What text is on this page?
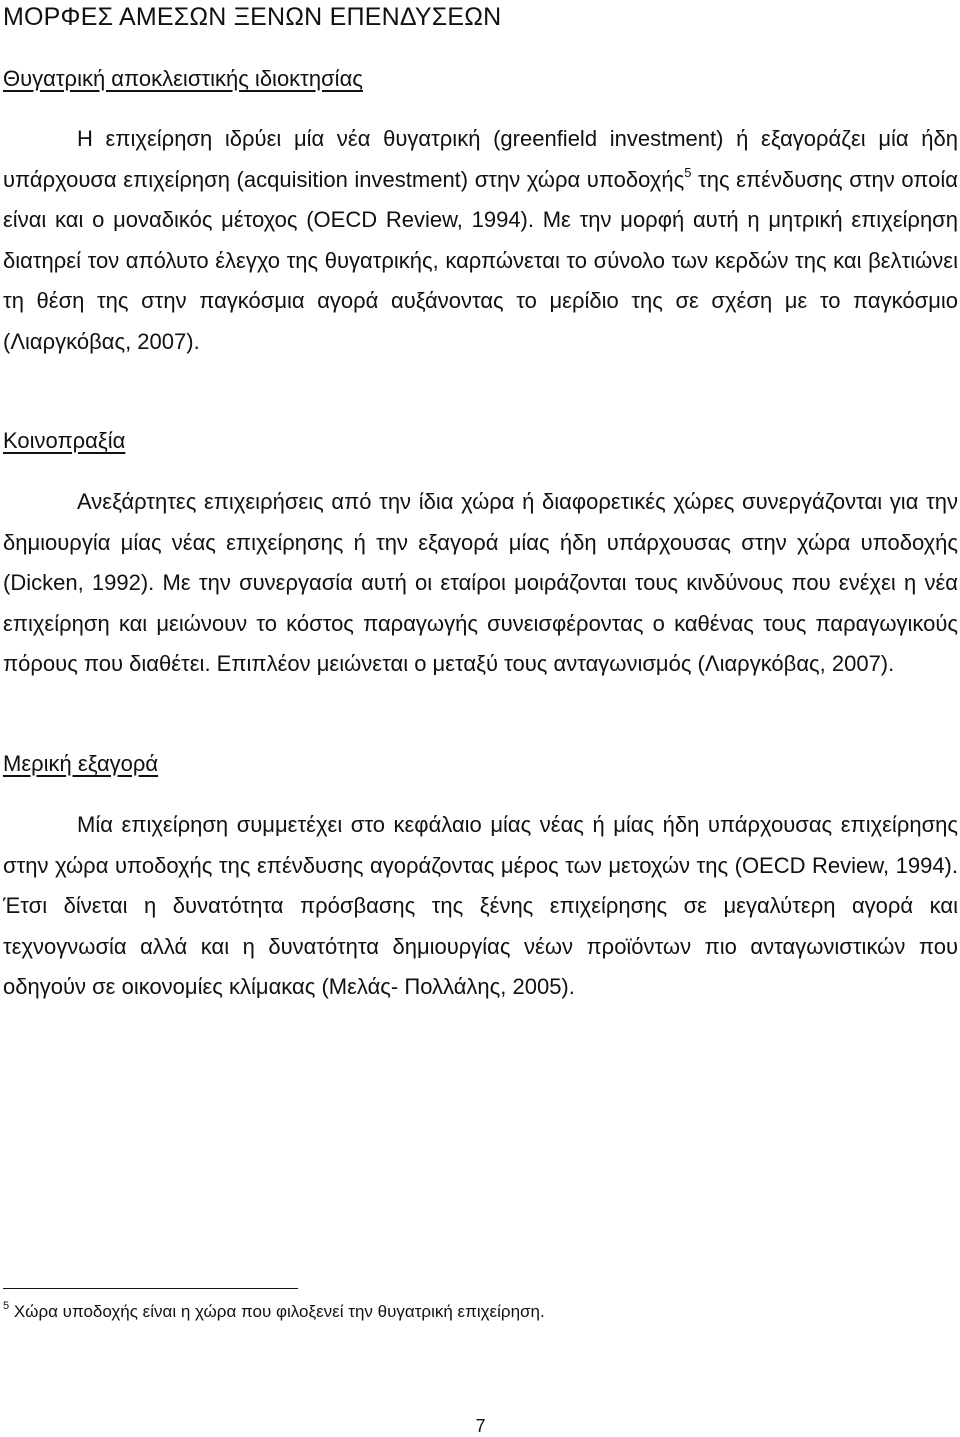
ΜΟΡΦΕΣ ΑΜΕΣΩΝ ΞΕΝΩΝ ΕΠΕΝΔΥΣΕΩΝ
Θυγατρική αποκλειστικής ιδιοκτησίας

Η επιχείρηση ιδρύει μία νέα θυγατρική (greenfield investment) ή εξαγοράζει μία ήδη υπάρχουσα επιχείρηση (acquisition investment) στην χώρα υποδοχής$^5$ της επένδυσης στην οποία είναι και ο μοναδικός μέτοχος (OECD Review, 1994). Με την μορφή αυτή η μητρική επιχείρηση διατηρεί τον απόλυτο έλεγχο της θυγατρικής, καρπώνεται το σύνολο των κερδών της και βελτιώνει τη θέση της στην παγκόσμια αγορά αυξάνοντας το μερίδιο της σε σχέση με το παγκόσμιο (Λιαργκόβας, 2007).

Κοινοπραξία

Ανεξάρτητες επιχειρήσεις από την ίδια χώρα ή διαφορετικές χώρες συνεργάζονται για την δημιουργία μίας νέας επιχείρησης ή την εξαγορά μίας ήδη υπάρχουσας στην χώρα υποδοχής (Dicken, 1992). Με την συνεργασία αυτή οι εταίροι μοιράζονται τους κινδύνους που ενέχει η νέα επιχείρηση και μειώνουν το κόστος παραγωγής συνεισφέροντας ο καθένας τους παραγωγικούς πόρους που διαθέτει. Επιπλέον μειώνεται ο μεταξύ τους ανταγωνισμός (Λιαργκόβας, 2007).

Μερική εξαγορά

Μία επιχείρηση συμμετέχει στο κεφάλαιο μίας νέας ή μίας ήδη υπάρχουσας επιχείρησης στην χώρα υποδοχής της επένδυσης αγοράζοντας μέρος των μετοχών της (OECD Review, 1994). Έτσι δίνεται η δυνατότητα πρόσβασης της ξένης επιχείρησης σε μεγαλύτερη αγορά και τεχνογνωσία αλλά και η δυνατότητα δημιουργίας νέων προϊόντων πιο ανταγωνιστικών που οδηγούν σε οικονομίες κλίμακας (Μελάς- Πολλάλης, 2005).

$^5$ Χώρα υποδοχής είναι η χώρα που φιλοξενεί την θυγατρική επιχείρηση.

7
